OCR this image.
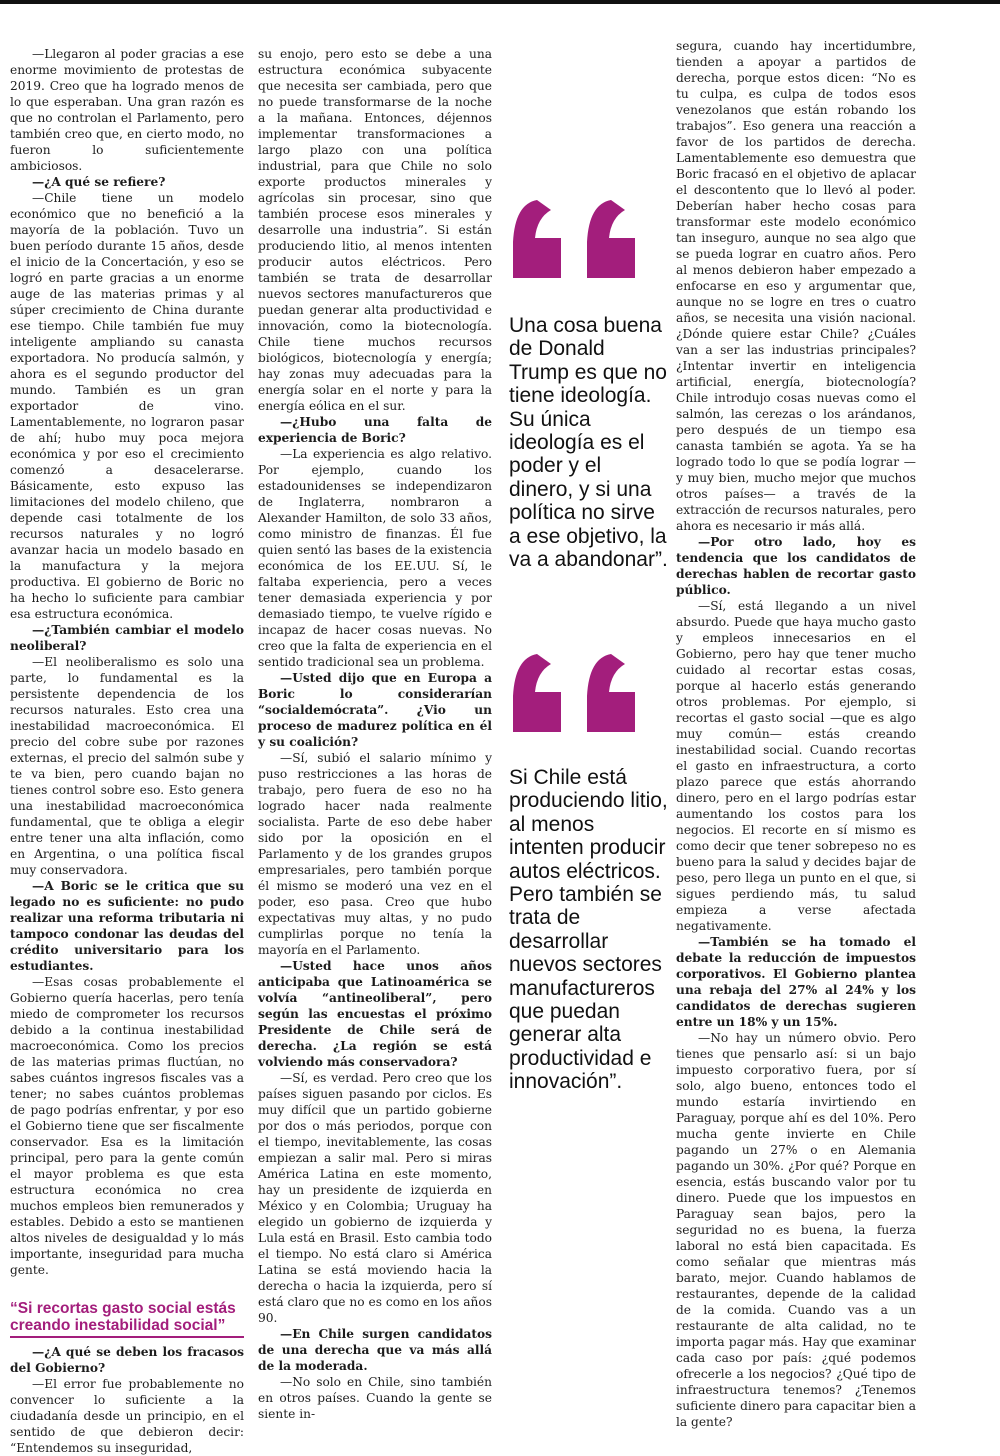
—Llegaron al poder gracias a ese enorme movimiento de protestas de 2019. Creo que ha logrado menos de lo que esperaban. Una gran razón es que no controlan el Parlamento, pero también creo que, en cierto modo, no fueron lo suficientemente ambiciosos.

—¿A qué se refiere?

—Chile tiene un modelo económico que no benefició a la mayoría de la población. Tuvo un buen período durante 15 años, desde el inicio de la Concertación, y eso se logró en parte gracias a un enorme auge de las materias primas y al súper crecimiento de China durante ese tiempo. Chile también fue muy inteligente ampliando su canasta exportadora. No producía salmón, y ahora es el segundo productor del mundo. También es un gran exportador de vino. Lamentablemente, no lograron pasar de ahí; hubo muy poca mejora económica y por eso el crecimiento comenzó a desacelerarse. Básicamente, esto expuso las limitaciones del modelo chileno, que depende casi totalmente de los recursos naturales y no logró avanzar hacia un modelo basado en la manufactura y la mejora productiva. El gobierno de Boric no ha hecho lo suficiente para cambiar esa estructura económica.

—¿También cambiar el modelo neoliberal?

—El neoliberalismo es solo una parte, lo fundamental es la persistente dependencia de los recursos naturales. Esto crea una inestabilidad macroeconómica. El precio del cobre sube por razones externas, el precio del salmón sube y te va bien, pero cuando bajan no tienes control sobre eso. Esto genera una inestabilidad macroeconómica fundamental, que te obliga a elegir entre tener una alta inflación, como en Argentina, o una política fiscal muy conservadora.

—A Boric se le critica que su legado no es suficiente: no pudo realizar una reforma tributaria ni tampoco condonar las deudas del crédito universitario para los estudiantes.

—Esas cosas probablemente el Gobierno quería hacerlas, pero tenía miedo de comprometer los recursos debido a la continua inestabilidad macroeconómica. Como los precios de las materias primas fluctúan, no sabes cuántos ingresos fiscales vas a tener; no sabes cuántos problemas de pago podrías enfrentar, y por eso el Gobierno tiene que ser fiscalmente conservador. Esa es la limitación principal, pero para la gente común el mayor problema es que esta estructura económica no crea muchos empleos bien remunerados y estables. Debido a esto se mantienen altos niveles de desigualdad y lo más importante, inseguridad para mucha gente.

“Si recortas gasto social estás creando inestabilidad social”

—¿A qué se deben los fracasos del Gobierno?

—El error fue probablemente no convencer lo suficiente a la ciudadanía desde un principio, en el sentido de que debieron decir: “Entendemos su inseguridad,

su enojo, pero esto se debe a una estructura económica subyacente que necesita ser cambiada, pero que no puede transformarse de la noche a la mañana. Entonces, déjennos implementar transformaciones a largo plazo con una política industrial, para que Chile no solo exporte productos minerales y agrícolas sin procesar, sino que también procese esos minerales y desarrolle una industria”. Si están produciendo litio, al menos intenten producir autos eléctricos. Pero también se trata de desarrollar nuevos sectores manufactureros que puedan generar alta productividad e innovación, como la biotecnología. Chile tiene muchos recursos biológicos, biotecnología y energía; hay zonas muy adecuadas para la energía solar en el norte y para la energía eólica en el sur.

—¿Hubo una falta de experiencia de Boric?

—La experiencia es algo relativo. Por ejemplo, cuando los estadounidenses se independizaron de Inglaterra, nombraron a Alexander Hamilton, de solo 33 años, como ministro de finanzas. Él fue quien sentó las bases de la existencia económica de los EE.UU. Sí, le faltaba experiencia, pero a veces tener demasiada experiencia y por demasiado tiempo, te vuelve rígido e incapaz de hacer cosas nuevas. No creo que la falta de experiencia en el sentido tradicional sea un problema.

—Usted dijo que en Europa a Boric lo considerarían “socialdemócrata”. ¿Vio un proceso de madurez política en él y su coalición?

—Sí, subió el salario mínimo y puso restricciones a las horas de trabajo, pero fuera de eso no ha logrado hacer nada realmente socialista. Parte de eso debe haber sido por la oposición en el Parlamento y de los grandes grupos empresariales, pero también porque él mismo se moderó una vez en el poder, eso pasa. Creo que hubo expectativas muy altas, y no pudo cumplirlas porque no tenía la mayoría en el Parlamento.

—Usted hace unos años anticipaba que Latinoamérica se volvía “antineoliberal”, pero según las encuestas el próximo Presidente de Chile será de derecha. ¿La región se está volviendo más conservadora?

—Sí, es verdad. Pero creo que los países siguen pasando por ciclos. Es muy difícil que un partido gobierne por dos o más periodos, porque con el tiempo, inevitablemente, las cosas empiezan a salir mal. Pero si miras América Latina en este momento, hay un presidente de izquierda en México y en Colombia; Uruguay ha elegido un gobierno de izquierda y Lula está en Brasil. Esto cambia todo el tiempo. No está claro si América Latina se está moviendo hacia la derecha o hacia la izquierda, pero sí está claro que no es como en los años 90.

—En Chile surgen candidatos de una derecha que va más allá de la moderada.

—No solo en Chile, sino también en otros países. Cuando la gente se siente in-

Una cosa buena de Donald Trump es que no tiene ideología. Su única ideología es el poder y el dinero, y si una política no sirve a ese objetivo, la va a abandonar”.
Si Chile está produciendo litio, al menos intenten producir autos eléctricos. Pero también se trata de desarrollar nuevos sectores manufactureros que puedan generar alta productividad e innovación”.

segura, cuando hay incertidumbre, tienden a apoyar a partidos de derecha, porque estos dicen: “No es tu culpa, es culpa de todos esos venezolanos que están robando los trabajos”. Eso genera una reacción a favor de los partidos de derecha. Lamentablemente eso demuestra que Boric fracasó en el objetivo de aplacar el descontento que lo llevó al poder. Deberían haber hecho cosas para transformar este modelo económico tan inseguro, aunque no sea algo que se pueda lograr en cuatro años. Pero al menos debieron haber empezado a enfocarse en eso y argumentar que, aunque no se logre en tres o cuatro años, se necesita una visión nacional. ¿Dónde quiere estar Chile? ¿Cuáles van a ser las industrias principales? ¿Intentar invertir en inteligencia artificial, energía, biotecnología? Chile introdujo cosas nuevas como el salmón, las cerezas o los arándanos, pero después de un tiempo esa canasta también se agota. Ya se ha logrado todo lo que se podía lograr —y muy bien, mucho mejor que muchos otros países— a través de la extracción de recursos naturales, pero ahora es necesario ir más allá.

—Por otro lado, hoy es tendencia que los candidatos de derechas hablen de recortar gasto público.

—Sí, está llegando a un nivel absurdo. Puede que haya mucho gasto y empleos innecesarios en el Gobierno, pero hay que tener mucho cuidado al recortar estas cosas, porque al hacerlo estás generando otros problemas. Por ejemplo, si recortas el gasto social —que es algo muy común— estás creando inestabilidad social. Cuando recortas el gasto en infraestructura, a corto plazo parece que estás ahorrando dinero, pero en el largo podrías estar aumentando los costos para los negocios. El recorte en sí mismo es como decir que tener sobrepeso no es bueno para la salud y decides bajar de peso, pero llega un punto en el que, si sigues perdiendo más, tu salud empieza a verse afectada negativamente.

—También se ha tomado el debate la reducción de impuestos corporativos. El Gobierno plantea una rebaja del 27% al 24% y los candidatos de derechas sugieren entre un 18% y un 15%.

—No hay un número obvio. Pero tienes que pensarlo así: si un bajo impuesto corporativo fuera, por sí solo, algo bueno, entonces todo el mundo estaría invirtiendo en Paraguay, porque ahí es del 10%. Pero mucha gente invierte en Chile pagando un 27% o en Alemania pagando un 30%. ¿Por qué? Porque en esencia, estás buscando valor por tu dinero. Puede que los impuestos en Paraguay sean bajos, pero la seguridad no es buena, la fuerza laboral no está bien capacitada. Es como señalar que mientras más barato, mejor. Cuando hablamos de restaurantes, depende de la calidad de la comida. Cuando vas a un restaurante de alta calidad, no te importa pagar más. Hay que examinar cada caso por país: ¿qué podemos ofrecerle a los negocios? ¿Qué tipo de infraestructura tenemos? ¿Tenemos suficiente dinero para capacitar bien a la gente?
